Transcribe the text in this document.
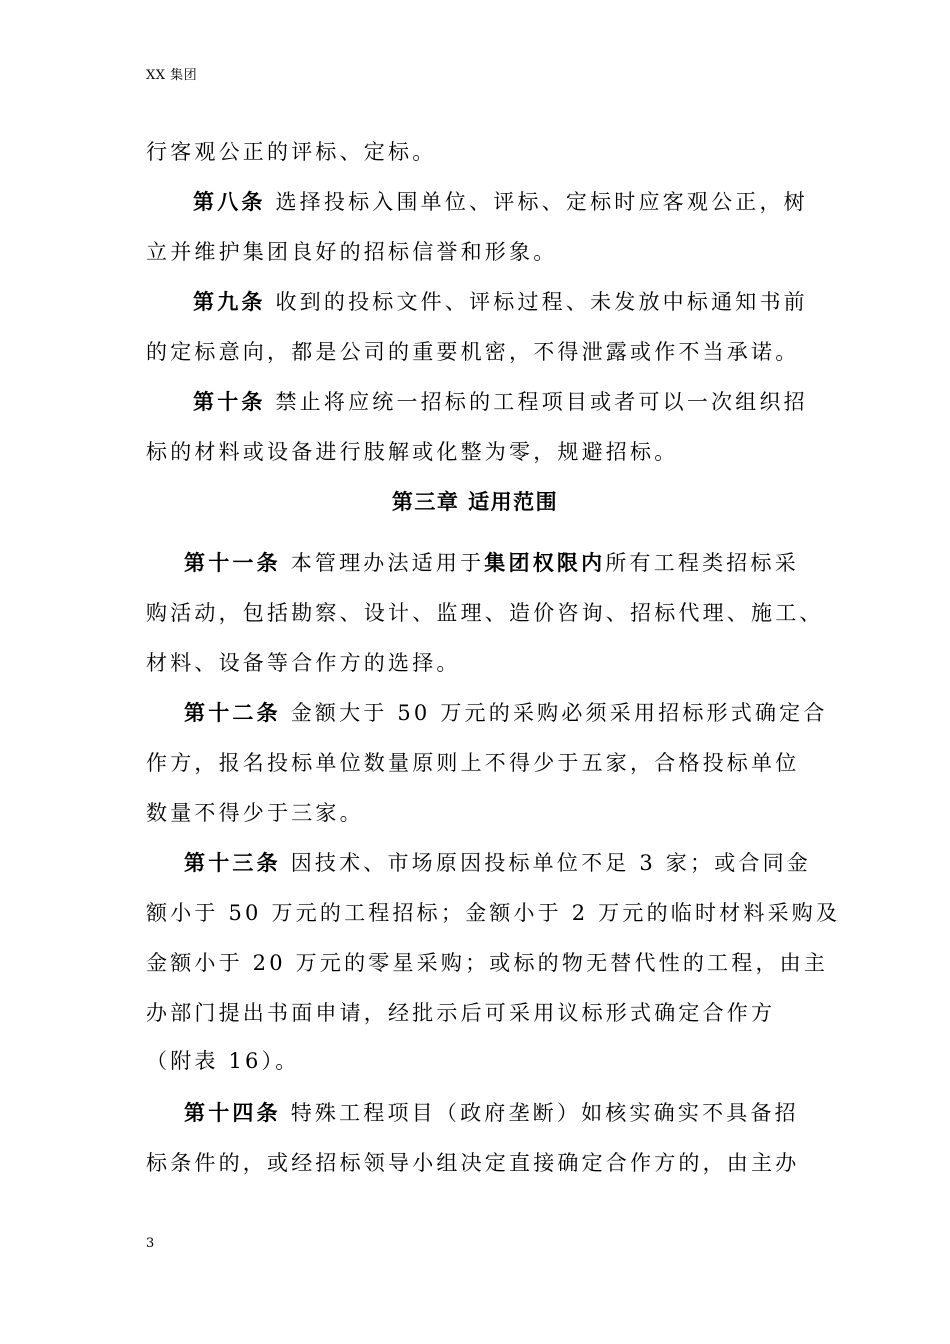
XX 集团
行客观公正的评标、定标。
第八条 选择投标入围单位、评标、定标时应客观公正，树
立并维护集团良好的招标信誉和形象。
第九条 收到的投标文件、评标过程、未发放中标通知书前
的定标意向，都是公司的重要机密，不得泄露或作不当承诺。
第十条 禁止将应统一招标的工程项目或者可以一次组织招
标的材料或设备进行肢解或化整为零，规避招标。
第三章 适用范围
第十一条 本管理办法适用于集团权限内所有工程类招标采
购活动，包括勘察、设计、监理、造价咨询、招标代理、施工、
材料、设备等合作方的选择。
第十二条 金额大于 50 万元的采购必须采用招标形式确定合
作方，报名投标单位数量原则上不得少于五家，合格投标单位
数量不得少于三家。
第十三条 因技术、市场原因投标单位不足 3 家；或合同金
额小于 50 万元的工程招标；金额小于 2 万元的临时材料采购及
金额小于 20 万元的零星采购；或标的物无替代性的工程，由主
办部门提出书面申请，经批示后可采用议标形式确定合作方
（附表 16）。
第十四条 特殊工程项目（政府垄断）如核实确实不具备招
标条件的，或经招标领导小组决定直接确定合作方的，由主办
3
